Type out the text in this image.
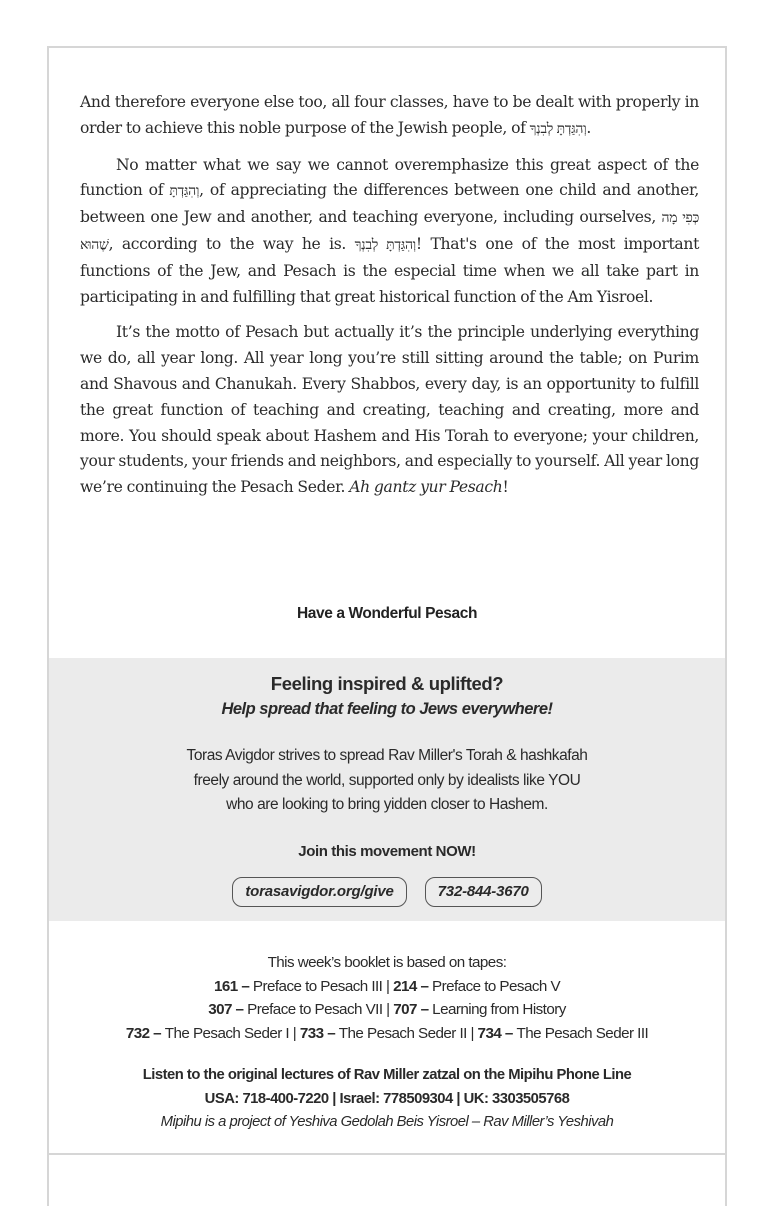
And therefore everyone else too, all four classes, have to be dealt with properly in order to achieve this noble purpose of the Jewish people, of וְהִגַּדְתָּ לְבִנְךָ.

No matter what we say we cannot overemphasize this great aspect of the function of וְהִגַּדְתָּ, of appreciating the differences between one child and another, between one Jew and another, and teaching everyone, including ourselves, כְּפִי מָה שֶׁהוּא, according to the way he is. וְהִגַּדְתָּ לְבִנְךָ! That's one of the most important functions of the Jew, and Pesach is the especial time when we all take part in participating in and fulfilling that great historical function of the Am Yisroel.

It’s the motto of Pesach but actually it’s the principle underlying everything we do, all year long. All year long you’re still sitting around the table; on Purim and Shavous and Chanukah. Every Shabbos, every day, is an opportunity to fulfill the great function of teaching and creating, teaching and creating, more and more. You should speak about Hashem and His Torah to everyone; your children, your students, your friends and neighbors, and especially to yourself. All year long we’re continuing the Pesach Seder. Ah gantz yur Pesach!

Have a Wonderful Pesach
Feeling inspired & uplifted?
Help spread that feeling to Jews everywhere!
Toras Avigdor strives to spread Rav Miller's Torah & hashkafah
freely around the world, supported only by idealists like YOU
who are looking to bring yidden closer to Hashem.
Join this movement NOW!
torasavigdor.org/give	732-844-3670
This week’s booklet is based on tapes:
161 – Preface to Pesach III | 214 – Preface to Pesach V
307 – Preface to Pesach VII | 707 – Learning from History
732 – The Pesach Seder I | 733 – The Pesach Seder II | 734 – The Pesach Seder III
Listen to the original lectures of Rav Miller zatzal on the Mipihu Phone Line
USA: 718-400-7220 | Israel: 778509304 | UK: 3303505768
Mipihu is a project of Yeshiva Gedolah Beis Yisroel – Rav Miller’s Yeshivah
